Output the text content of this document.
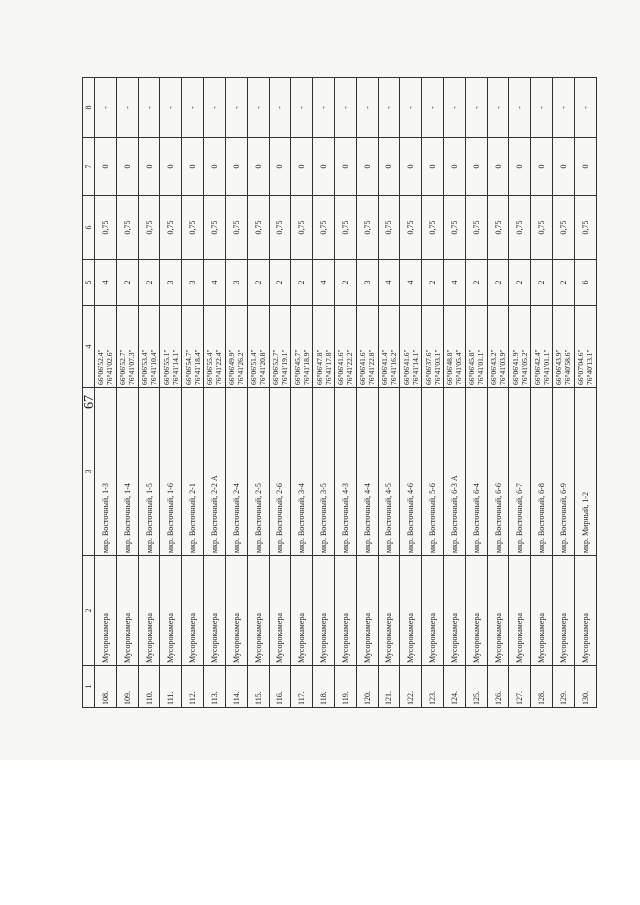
67
1	2	3	4	5	6	7	8
108.	Мусорокамера	мкр. Восточный, 1-3	66°06'52.4" 76°41'02.6"	4	0,75	0	-
109.	Мусорокамера	мкр. Восточный, 1-4	66°06'52.7" 76°41'07.3"	2	0,75	0	-
110.	Мусорокамера	мкр. Восточный, 1-5	66°06'53.4" 76°41'10.4"	2	0,75	0	-
111.	Мусорокамера	мкр. Восточный, 1-6	66°06'55.1" 76°41'14.1"	3	0,75	0	-
112.	Мусорокамера	мкр. Восточный, 2-1	66°06'54.7" 76°41'18.4"	3	0,75	0	-
113.	Мусорокамера	мкр. Восточный, 2-2 А	66°06'55.4" 76°41'22.4"	4	0,75	0	-
114.	Мусорокамера	мкр. Восточный, 2-4	66°06'49.9" 76°41'26.2"	3	0,75	0	-
115.	Мусорокамера	мкр. Восточный, 2-5	66°06'51.4" 76°41'20.8"	2	0,75	0	-
116.	Мусорокамера	мкр. Восточный, 2-6	66°06'52.7" 76°41'19.1"	2	0,75	0	-
117.	Мусорокамера	мкр. Восточный, 3-4	66°06'45.7" 76°41'18.9"	2	0,75	0	-
118.	Мусорокамера	мкр. Восточный, 3-5	66°06'47.8" 76°41'17.8"	4	0,75	0	-
119.	Мусорокамера	мкр. Восточный, 4-3	66°06'41.6" 76°41'22.2"	2	0,75	0	-
120.	Мусорокамера	мкр. Восточный, 4-4	66°06'41.6" 76°41'22.8"	3	0,75	0	-
121.	Мусорокамера	мкр. Восточный, 4-5	66°06'41.4" 76°41'16.2"	4	0,75	0	-
122.	Мусорокамера	мкр. Восточный, 4-6	66°06'41.6" 76°41'14.1"	4	0,75	0	-
123.	Мусорокамера	мкр. Восточный, 5-6	66°06'37.6" 76°41'03.1"	2	0,75	0	-
124.	Мусорокамера	мкр. Восточный, 6-3 А	66°06'48.8" 76°41'05.4"	4	0,75	0	-
125.	Мусорокамера	мкр. Восточный, 6-4	66°06'45.8" 76°41'01.1"	2	0,75	0	-
126.	Мусорокамера	мкр. Восточный, 6-6	66°06'43.2" 76°41'03.9"	2	0,75	0	-
127.	Мусорокамера	мкр. Восточный, 6-7	66°06'41.9" 76°41'05.2"	2	0,75	0	-
128.	Мусорокамера	мкр. Восточный, 6-8	66°06'42.4" 76°41'01.1"	2	0,75	0	-
129.	Мусорокамера	мкр. Восточный, 6-9	66°06'43.9" 76°40'58.6"	2	0,75	0	-
130.	Мусорокамера	мкр. Мирный, 1-2	66°07'04.6" 76°40'13.1"	6	0,75	0	-
